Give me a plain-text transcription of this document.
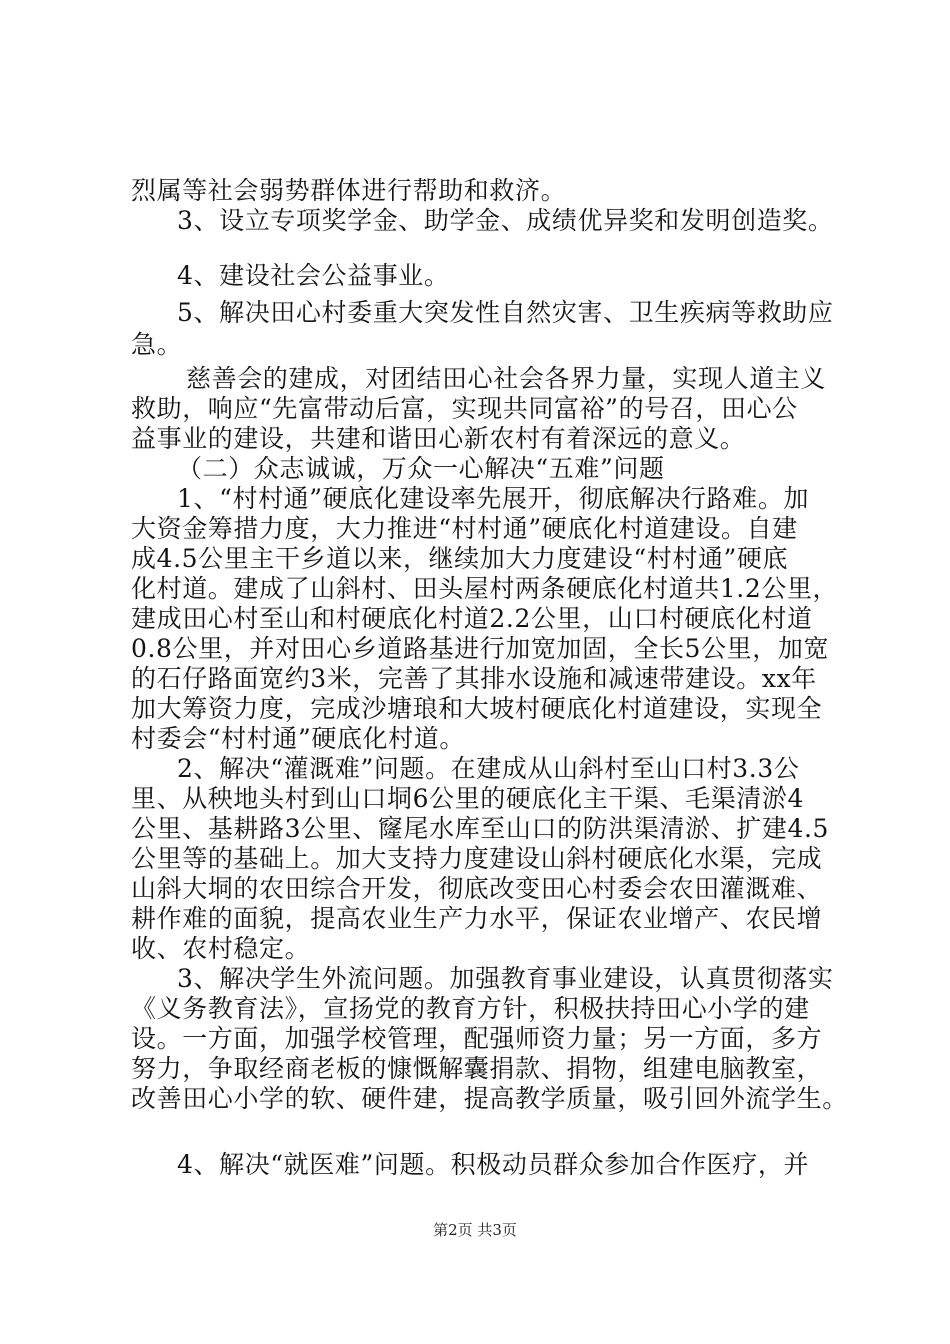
烈属等社会弱势群体进行帮助和救济。
3、设立专项奖学金、助学金、成绩优异奖和发明创造奖。
4、建设社会公益事业。
5、解决田心村委重大突发性自然灾害、卫生疾病等救助应
急。
慈善会的建成，对团结田心社会各界力量，实现人道主义
救助，响应“先富带动后富，实现共同富裕”的号召，田心公
益事业的建设，共建和谐田心新农村有着深远的意义。
（二）众志诚诚，万众一心解决“五难”问题
1、“村村通”硬底化建设率先展开，彻底解决行路难。加
大资金筹措力度，大力推进“村村通”硬底化村道建设。自建
成4.5公里主干乡道以来，继续加大力度建设“村村通”硬底
化村道。建成了山斜村、田头屋村两条硬底化村道共1.2公里，
建成田心村至山和村硬底化村道2.2公里，山口村硬底化村道
0.8公里，并对田心乡道路基进行加宽加固，全长5公里，加宽
的石仔路面宽约3米，完善了其排水设施和减速带建设。xx年
加大筹资力度，完成沙塘琅和大坡村硬底化村道建设，实现全
村委会“村村通”硬底化村道。
2、解决“灌溉难”问题。在建成从山斜村至山口村3.3公
里、从秧地头村到山口垌6公里的硬底化主干渠、毛渠清淤4
公里、基耕路3公里、窿尾水库至山口的防洪渠清淤、扩建4.5
公里等的基础上。加大支持力度建设山斜村硬底化水渠，完成
山斜大垌的农田综合开发，彻底改变田心村委会农田灌溉难、
耕作难的面貌，提高农业生产力水平，保证农业增产、农民增
收、农村稳定。
3、解决学生外流问题。加强教育事业建设，认真贯彻落实
《义务教育法》，宣扬党的教育方针，积极扶持田心小学的建
设。一方面，加强学校管理，配强师资力量；另一方面，多方
努力，争取经商老板的慷慨解囊捐款、捐物，组建电脑教室，
改善田心小学的软、硬件建，提高教学质量，吸引回外流学生。
4、解决“就医难”问题。积极动员群众参加合作医疗，并
第2页 共3页
